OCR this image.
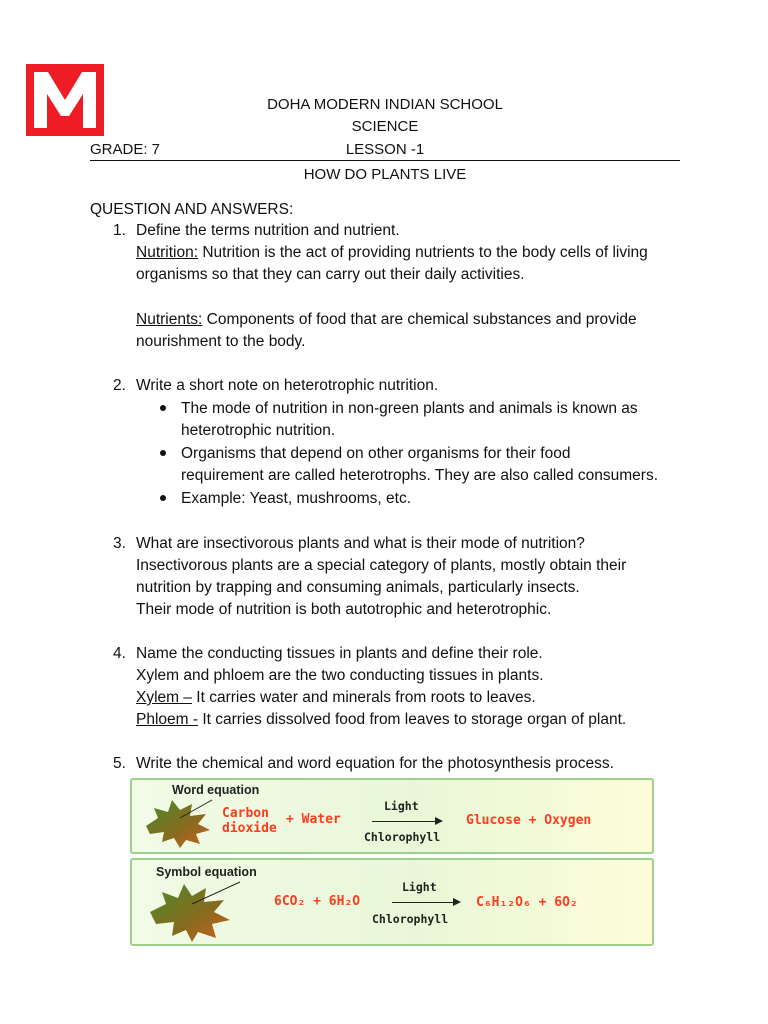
DOHA MODERN INDIAN SCHOOL
SCIENCE
GRADE: 7	LESSON -1
HOW DO PLANTS LIVE
QUESTION AND ANSWERS:
1. Define the terms nutrition and nutrient.
Nutrition: Nutrition is the act of providing nutrients to the body cells of living
organisms so that they can carry out their daily activities.
Nutrients: Components of food that are chemical substances and provide
nourishment to the body.
2. Write a short note on heterotrophic nutrition.
The mode of nutrition in non-green plants and animals is known as
heterotrophic nutrition.
Organisms that depend on other organisms for their food
requirement are called heterotrophs. They are also called consumers.
Example: Yeast, mushrooms, etc.
3. What are insectivorous plants and what is their mode of nutrition?
Insectivorous plants are a special category of plants, mostly obtain their
nutrition by trapping and consuming animals, particularly insects.
Their mode of nutrition is both autotrophic and heterotrophic.
4. Name the conducting tissues in plants and define their role.
Xylem and phloem are the two conducting tissues in plants.
Xylem – It carries water and minerals from roots to leaves.
Phloem - It carries dissolved food from leaves to storage organ of plant.
5. Write the chemical and word equation for the photosynthesis process.
Word equation
Carbon
dioxide
+ Water
Light
Chlorophyll
Glucose + Oxygen
Symbol equation
6CO₂ + 6H₂O
Light
Chlorophyll
C₆H₁₂O₆ + 6O₂
